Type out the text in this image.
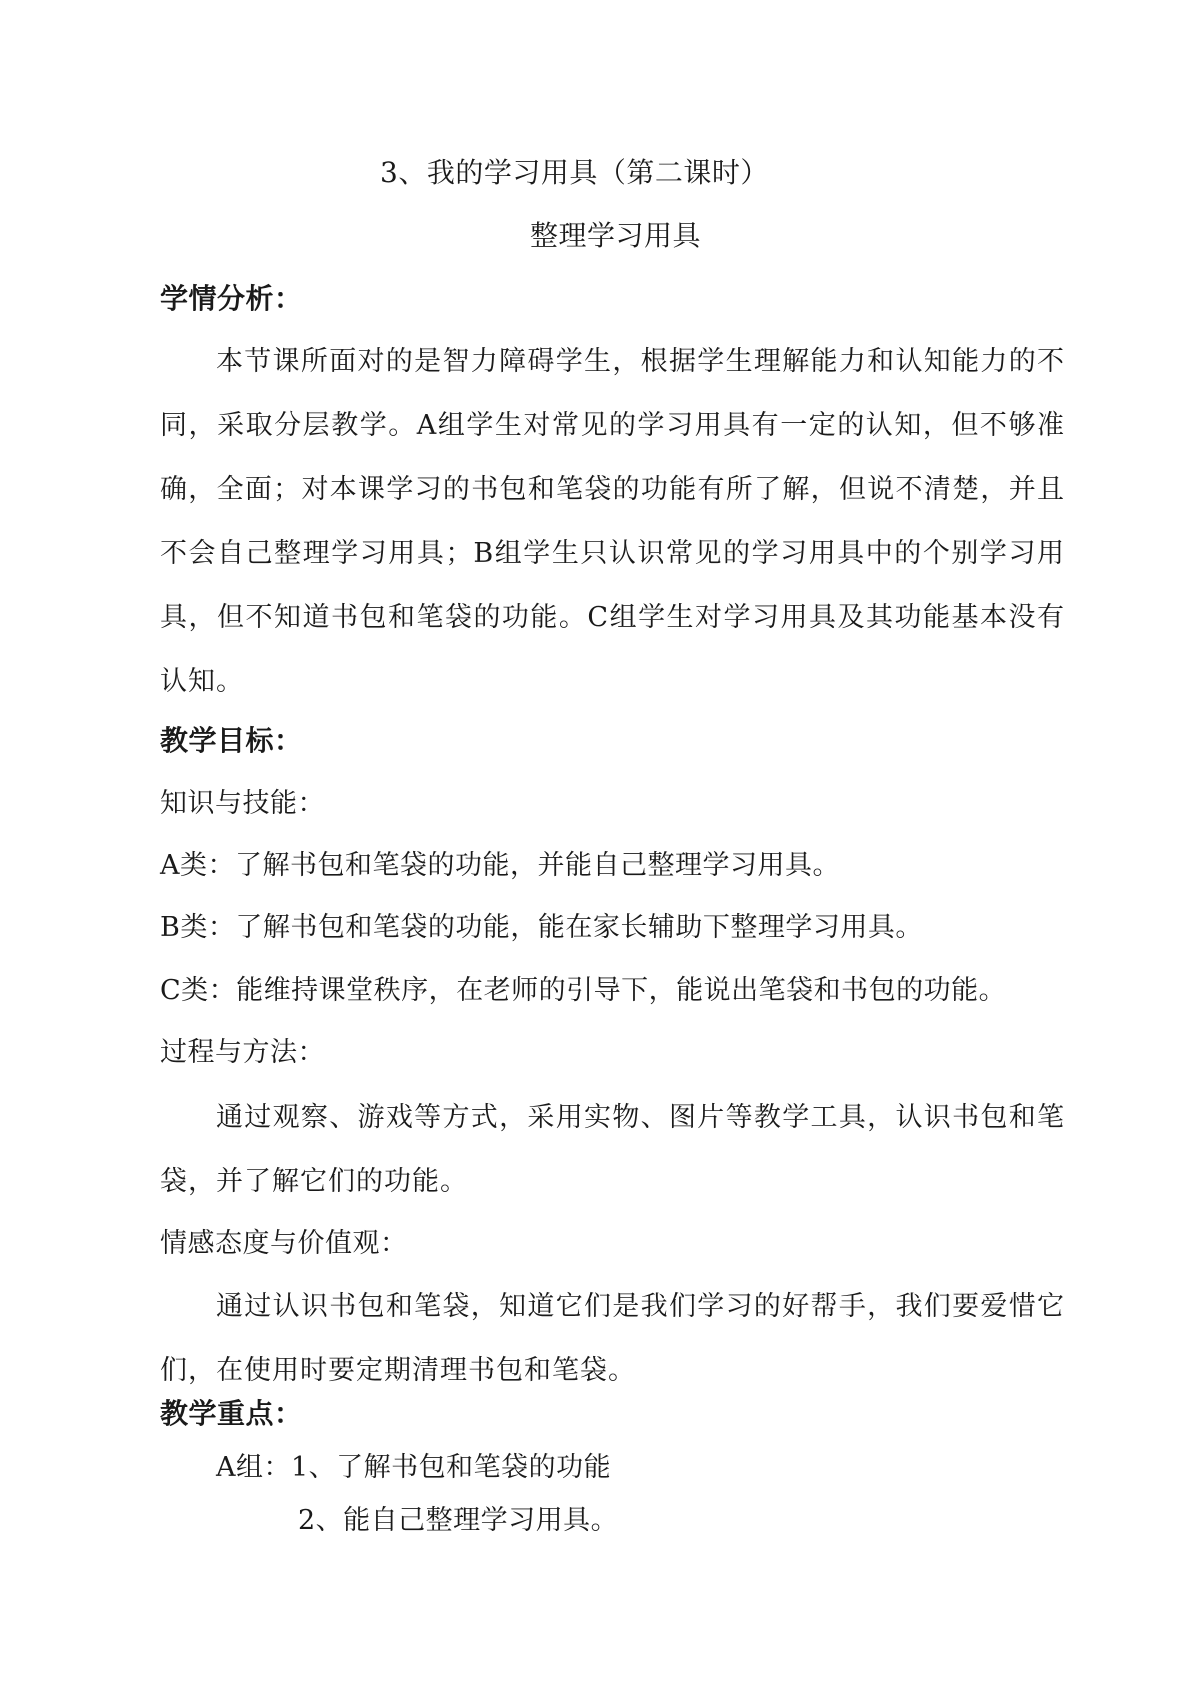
3、我的学习用具（第二课时）
整理学习用具
学情分析：
本节课所面对的是智力障碍学生，根据学生理解能力和认知能力的不同，采取分层教学。A组学生对常见的学习用具有一定的认知，但不够准确，全面；对本课学习的书包和笔袋的功能有所了解，但说不清楚，并且不会自己整理学习用具；B组学生只认识常见的学习用具中的个别学习用具，但不知道书包和笔袋的功能。C组学生对学习用具及其功能基本没有认知。
教学目标：
知识与技能：
A类：了解书包和笔袋的功能，并能自己整理学习用具。
B类：了解书包和笔袋的功能，能在家长辅助下整理学习用具。
C类：能维持课堂秩序，在老师的引导下，能说出笔袋和书包的功能。
过程与方法：
通过观察、游戏等方式，采用实物、图片等教学工具，认识书包和笔袋，并了解它们的功能。
情感态度与价值观：
通过认识书包和笔袋，知道它们是我们学习的好帮手，我们要爱惜它们，在使用时要定期清理书包和笔袋。
教学重点：
A组：1、了解书包和笔袋的功能
2、能自己整理学习用具。
